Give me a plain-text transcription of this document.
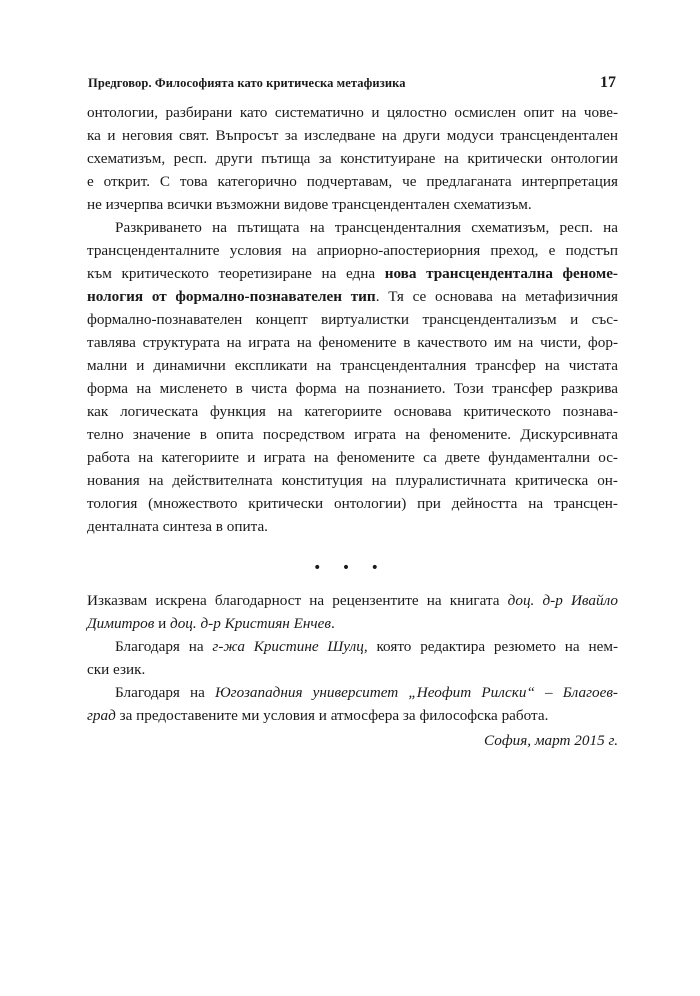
Предговор. Философията като критическа метафизика	17
онтологии, разбирани като систематично и цялостно осмислен опит на чове-
ка и неговия свят. Въпросът за изследване на други модуси трансцендентален
схематизъм, респ. други пътища за конституиране на критически онтологии
е открит. С това категорично подчертавам, че предлаганата интерпретация
не изчерпва всички възможни видове трансцендентален схематизъм.
Разкриването на пътищата на трансценденталния схематизъм, респ. на
трансценденталните условия на априорно-апостериорния преход, е подстъп
към критическото теоретизиране на една нова трансцендентална феноме-
нология от формално-познавателен тип. Тя се основава на метафизичния
формално-познавателен концепт виртуалистки трансцендентализъм и със-
тавлява структурата на играта на феномените в качеството им на чисти, фор-
мални и динамични експликати на трансценденталния трансфер на чистата
форма на мисленето в чиста форма на познанието. Този трансфер разкрива
как логическата функция на категориите основава критическото познава-
телно значение в опита посредством играта на феномените. Дискурсивната
работа на категориите и играта на феномените са двете фундаментални ос-
нования на действителната конституция на плуралистичната критическа он-
тология (множеството критически онтологии) при дейността на трансцен-
денталната синтеза в опита.
• • •
Изказвам искрена благодарност на рецензентите на книгата доц. д-р Ивайло
Димитров и доц. д-р Кристиян Енчев.
Благодаря на г-жа Кристине Шулц, която редактира резюмето на нем-
ски език.
Благодаря на Югозападния университет „Неофит Рилски“ – Благоев-
град за предоставените ми условия и атмосфера за философска работа.
София, март 2015 г.
